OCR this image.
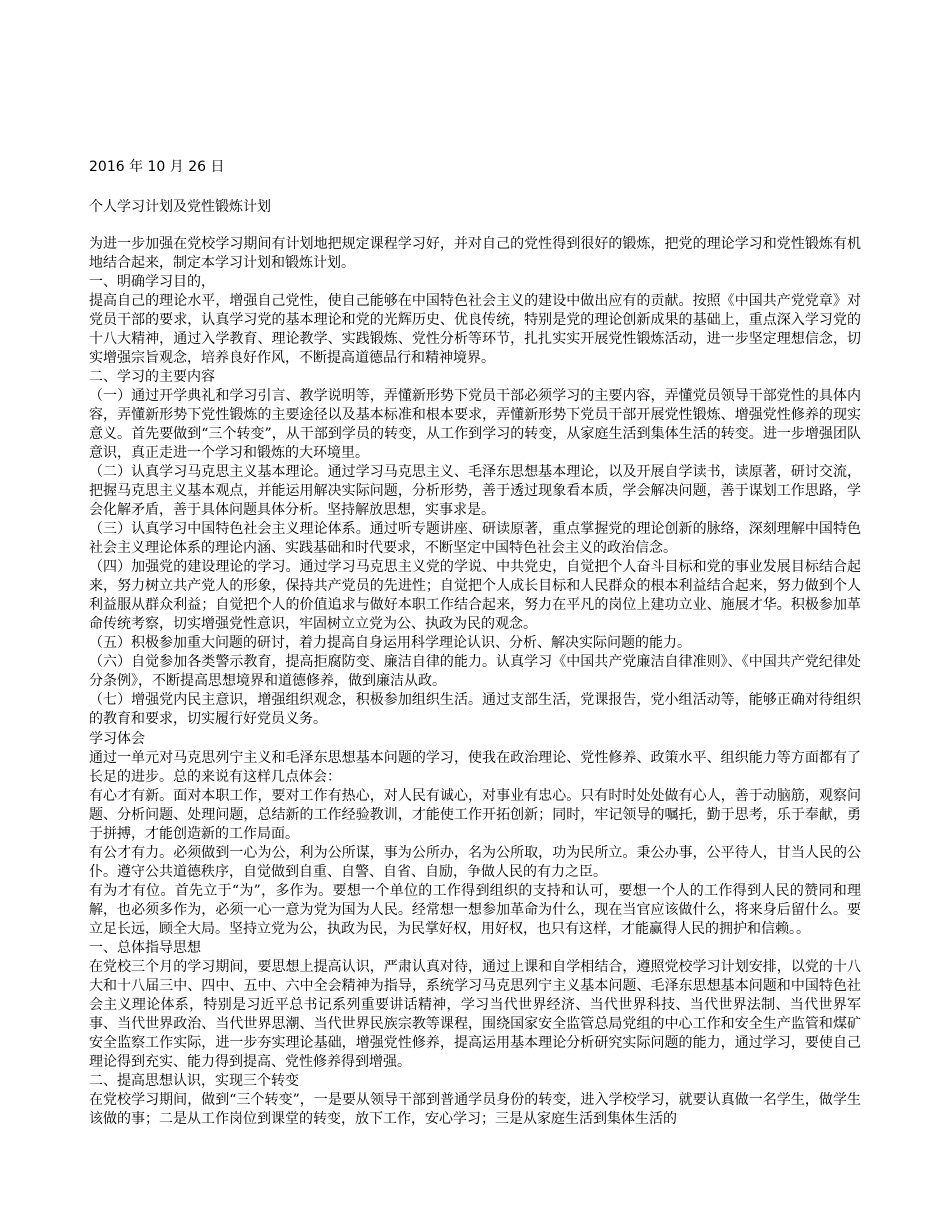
2016 年 10 月 26 日
个人学习计划及党性锻炼计划

为进一步加强在党校学习期间有计划地把规定课程学习好，并对自己的党性得到很好的锻炼，把党的理论学习和党性锻炼有机地结合起来，制定本学习计划和锻炼计划。

一、明确学习目的，

提高自己的理论水平，增强自己党性，使自己能够在中国特色社会主义的建设中做出应有的贡献。按照《中国共产党党章》对党员干部的要求，认真学习党的基本理论和党的光辉历史、优良传统，特别是党的理论创新成果的基础上，重点深入学习党的十八大精神，通过入学教育、理论教学、实践锻炼、党性分析等环节，扎扎实实开展党性锻炼活动，进一步坚定理想信念，切实增强宗旨观念，培养良好作风，不断提高道德品行和精神境界。

二、学习的主要内容

（一）通过开学典礼和学习引言、教学说明等，弄懂新形势下党员干部必须学习的主要内容，弄懂党员领导干部党性的具体内容，弄懂新形势下党性锻炼的主要途径以及基本标准和根本要求，弄懂新形势下党员干部开展党性锻炼、增强党性修养的现实意义。首先要做到“三个转变”，从干部到学员的转变，从工作到学习的转变，从家庭生活到集体生活的转变。进一步增强团队意识，真正走进一个学习和锻炼的大环境里。

（二）认真学习马克思主义基本理论。通过学习马克思主义、毛泽东思想基本理论，以及开展自学读书，读原著，研讨交流，把握马克思主义基本观点，并能运用解决实际问题，分析形势，善于透过现象看本质，学会解决问题，善于谋划工作思路，学会化解矛盾，善于具体问题具体分析。坚持解放思想，实事求是。

（三）认真学习中国特色社会主义理论体系。通过听专题讲座、研读原著，重点掌握党的理论创新的脉络，深刻理解中国特色社会主义理论体系的理论内涵、实践基础和时代要求，不断坚定中国特色社会主义的政治信念。

（四）加强党的建设理论的学习。通过学习马克思主义党的学说、中共党史，自觉把个人奋斗目标和党的事业发展目标结合起来，努力树立共产党人的形象，保持共产党员的先进性；自觉把个人成长目标和人民群众的根本利益结合起来，努力做到个人利益服从群众利益；自觉把个人的价值追求与做好本职工作结合起来，努力在平凡的岗位上建功立业、施展才华。积极参加革命传统考察，切实增强党性意识，牢固树立立党为公、执政为民的观念。

（五）积极参加重大问题的研讨，着力提高自身运用科学理论认识、分析、解决实际问题的能力。

（六）自觉参加各类警示教育，提高拒腐防变、廉洁自律的能力。认真学习《中国共产党廉洁自律准则》、《中国共产党纪律处分条例》，不断提高思想境界和道德修养，做到廉洁从政。

（七）增强党内民主意识，增强组织观念，积极参加组织生活。通过支部生活，党课报告，党小组活动等，能够正确对待组织的教育和要求，切实履行好党员义务。

学习体会

通过一单元对马克思列宁主义和毛泽东思想基本问题的学习，使我在政治理论、党性修养、政策水平、组织能力等方面都有了长足的进步。总的来说有这样几点体会：

有心才有新。面对本职工作，要对工作有热心，对人民有诚心，对事业有忠心。只有时时处处做有心人，善于动脑筋，观察问题、分析问题、处理问题，总结新的工作经验教训，才能使工作开拓创新；同时，牢记领导的嘱托，勤于思考，乐于奉献，勇于拼搏，才能创造新的工作局面。

有公才有力。必须做到一心为公，利为公所谋，事为公所办，名为公所取，功为民所立。秉公办事，公平待人，甘当人民的公仆。遵守公共道德秩序，自觉做到自重、自警、自省、自励，争做人民的有力之臣。

有为才有位。首先立于“为”，多作为。要想一个单位的工作得到组织的支持和认可，要想一个人的工作得到人民的赞同和理解，也必须多作为，必须一心一意为党为国为人民。经常想一想参加革命为什么，现在当官应该做什么，将来身后留什么。要立足长远，顾全大局。坚持立党为公，执政为民，为民掌好权，用好权，也只有这样，才能赢得人民的拥护和信赖。。

一、总体指导思想

在党校三个月的学习期间，要思想上提高认识，严肃认真对待，通过上课和自学相结合，遵照党校学习计划安排，以党的十八大和十八届三中、四中、五中、六中全会精神为指导，系统学习马克思列宁主义基本问题、毛泽东思想基本问题和中国特色社会主义理论体系，特别是习近平总书记系列重要讲话精神，学习当代世界经济、当代世界科技、当代世界法制、当代世界军事、当代世界政治、当代世界思潮、当代世界民族宗教等课程，围绕国家安全监管总局党组的中心工作和安全生产监管和煤矿安全监察工作实际，进一步夯实理论基础，增强党性修养，提高运用基本理论分析研究实际问题的能力，通过学习，要使自己理论得到充实、能力得到提高、党性修养得到增强。

二、提高思想认识，实现三个转变

在党校学习期间，做到“三个转变”，一是要从领导干部到普通学员身份的转变，进入学校学习，就要认真做一名学生，做学生该做的事；二是从工作岗位到课堂的转变，放下工作，安心学习；三是从家庭生活到集体生活的
